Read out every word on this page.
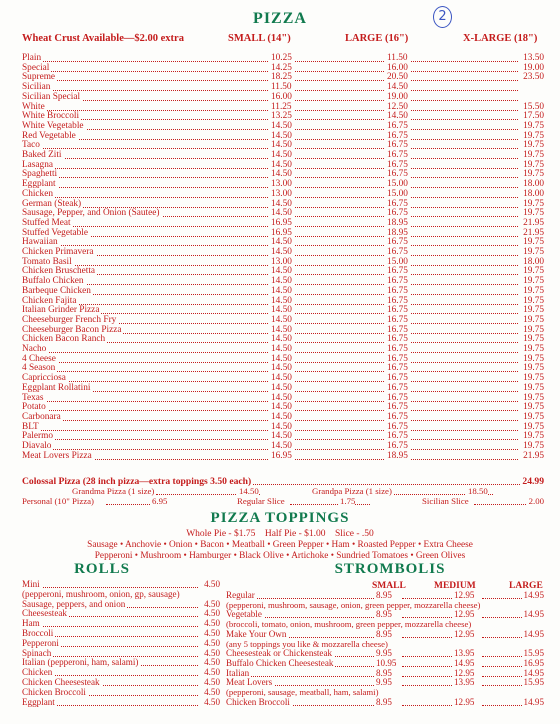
PIZZA	2
Wheat Crust Available—$2.00 extra	SMALL (14")	LARGE (16")	X-LARGE (18")
Plain	10.25	11.50	13.50
Special	14.25	16.00	19.00
Supreme	18.25	20.50	23.50
Sicilian	11.50	14.50
Sicilian Special	16.00	19.00
White	11.25	12.50	15.50
White Broccoli	13.25	14.50	17.50
White Vegetable	14.50	16.75	19.75
Red Vegetable	14.50	16.75	19.75
Taco	14.50	16.75	19.75
Baked Ziti	14.50	16.75	19.75
Lasagna	14.50	16.75	19.75
Spaghetti	14.50	16.75	19.75
Eggplant	13.00	15.00	18.00
Chicken	13.00	15.00	18.00
German (Steak)	14.50	16.75	19.75
Sausage, Pepper, and Onion (Sautee)	14.50	16.75	19.75
Stuffed Meat	16.95	18.95	21.95
Stuffed Vegetable	16.95	18.95	21.95
Hawaiian	14.50	16.75	19.75
Chicken Primavera	14.50	16.75	19.75
Tomato Basil	13.00	15.00	18.00
Chicken Bruschetta	14.50	16.75	19.75
Buffalo Chicken	14.50	16.75	19.75
Barbeque Chicken	14.50	16.75	19.75
Chicken Fajita	14.50	16.75	19.75
Italian Grinder Pizza	14.50	16.75	19.75
Cheeseburger French Fry	14.50	16.75	19.75
Cheeseburger Bacon Pizza	14.50	16.75	19.75
Chicken Bacon Ranch	14.50	16.75	19.75
Nacho	14.50	16.75	19.75
4 Cheese	14.50	16.75	19.75
4 Season	14.50	16.75	19.75
Capricciosa	14.50	16.75	19.75
Eggplant Rollatini	14.50	16.75	19.75
Texas	14.50	16.75	19.75
Potato	14.50	16.75	19.75
Carbonara	14.50	16.75	19.75
BLT	14.50	16.75	19.75
Palermo	14.50	16.75	19.75
Diavalo	14.50	16.75	19.75
Meat Lovers Pizza	16.95	18.95	21.95
Colossal Pizza (28 inch pizza—extra toppings 3.50 each)	24.99
Grandma Pizza (1 size)	14.50	Grandpa Pizza (1 size)	18.50
Personal (10" Pizza)	6.95	Regular Slice	1.75	Sicilian Slice	2.00
PIZZA TOPPINGS
Whole Pie - $1.75    Half Pie - $1.00    Slice - .50
Sausage • Anchovie • Onion • Bacon • Meatball • Green Pepper • Ham • Roasted Pepper • Extra Cheese
Pepperoni • Mushroom • Hamburger • Black Olive • Artichoke • Sundried Tomatoes • Green Olives
ROLLS	STROMBOLIS
SMALL	MEDIUM	LARGE
Mini	4.50
(pepperoni, mushroom, onion, gp, sausage)
Sausage, peppers, and onion	4.50
Cheesesteak	4.50
Ham	4.50
Broccoli	4.50
Pepperoni	4.50
Spinach	4.50
Italian (pepperoni, ham, salami)	4.50
Chicken	4.50
Chicken Cheesesteak	4.50
Chicken Broccoli	4.50
Eggplant	4.50
Regular	8.95	12.95	14.95
(pepperoni, mushroom, sausage, onion, green pepper, mozzarella cheese)
Vegetable	8.95	12.95	14.95
(broccoli, tomato, onion, mushroom, green pepper, mozzarella cheese)
Make Your Own	8.95	12.95	14.95
(any 5 toppings you like & mozzarella cheese)
Cheesesteak or Chickensteak	9.95	13.95	15.95
Buffalo Chicken Cheesesteak	10.95	14.95	16.95
Italian	8.95	12.95	14.95
Meat Lovers	9.95	13.95	15.95
(pepperoni, sausage, meatball, ham, salami)
Chicken Broccoli	8.95	12.95	14.95
